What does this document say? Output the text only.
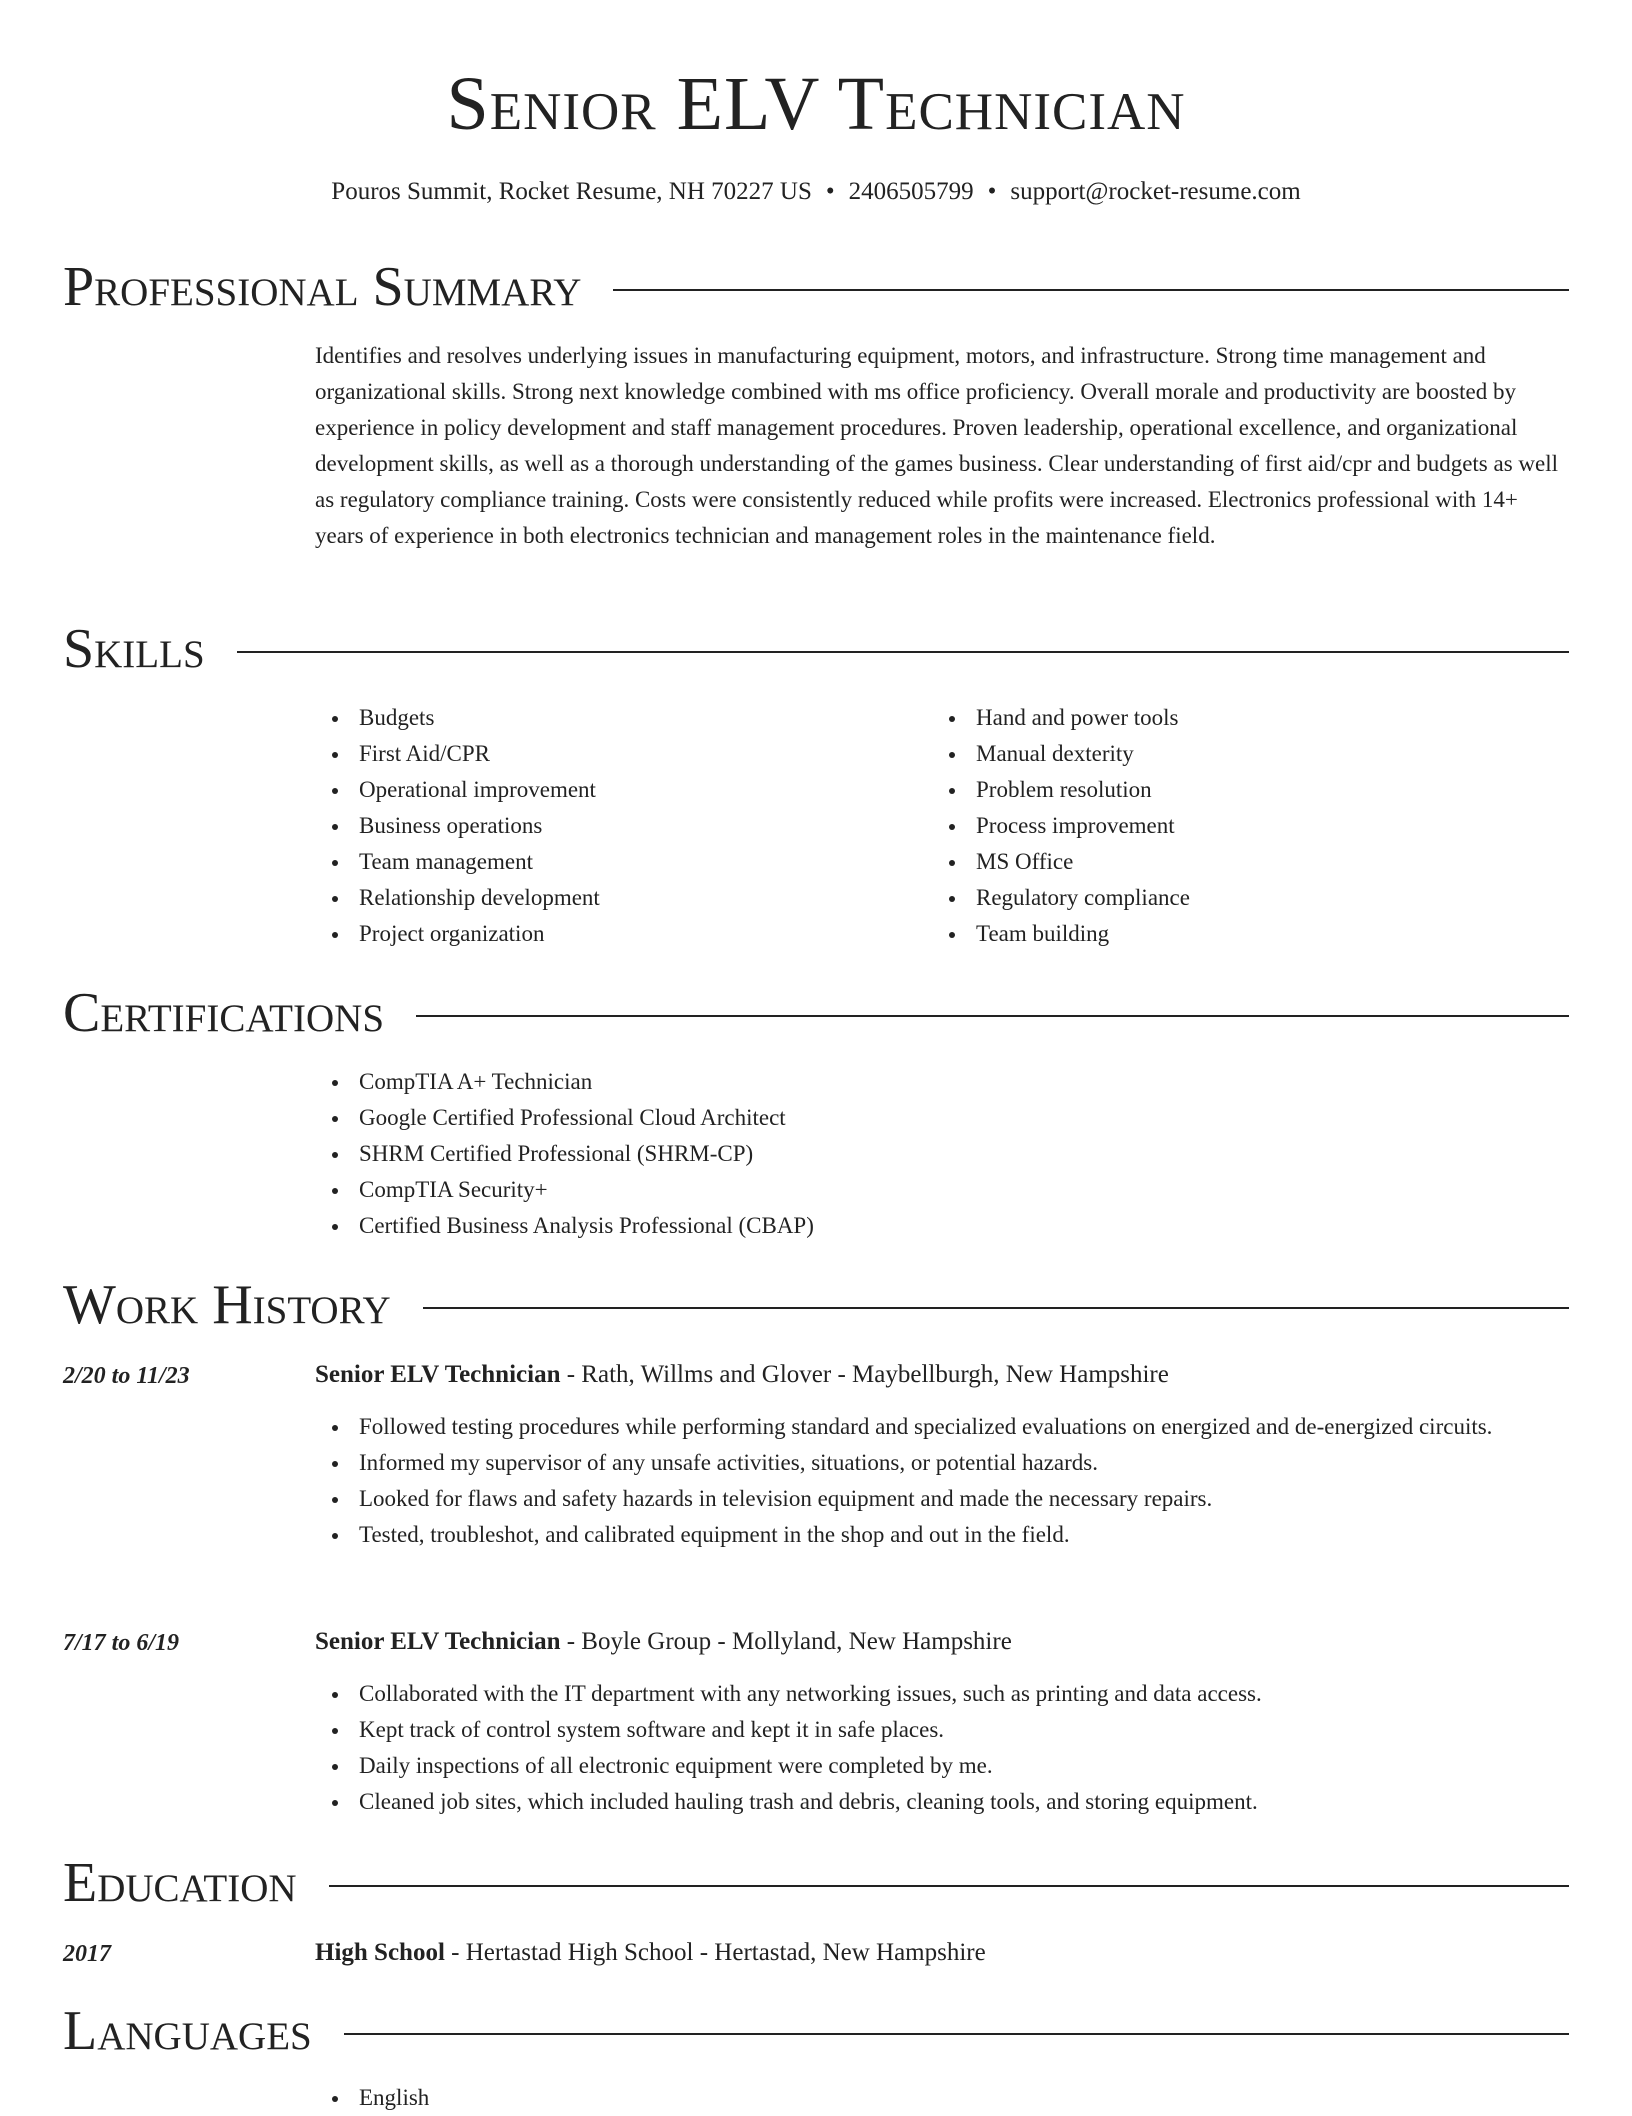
Senior ELV Technician
Pouros Summit, Rocket Resume, NH 70227 US • 2406505799 • support@rocket-resume.com
Professional Summary
Identifies and resolves underlying issues in manufacturing equipment, motors, and infrastructure. Strong time management and organizational skills. Strong next knowledge combined with ms office proficiency. Overall morale and productivity are boosted by experience in policy development and staff management procedures. Proven leadership, operational excellence, and organizational development skills, as well as a thorough understanding of the games business. Clear understanding of first aid/cpr and budgets as well as regulatory compliance training. Costs were consistently reduced while profits were increased. Electronics professional with 14+ years of experience in both electronics technician and management roles in the maintenance field.
Skills
Budgets
First Aid/CPR
Operational improvement
Business operations
Team management
Relationship development
Project organization
Hand and power tools
Manual dexterity
Problem resolution
Process improvement
MS Office
Regulatory compliance
Team building
Certifications
CompTIA A+ Technician
Google Certified Professional Cloud Architect
SHRM Certified Professional (SHRM-CP)
CompTIA Security+
Certified Business Analysis Professional (CBAP)
Work History
2/20 to 11/23	Senior ELV Technician - Rath, Willms and Glover - Maybellburgh, New Hampshire
Followed testing procedures while performing standard and specialized evaluations on energized and de-energized circuits.
Informed my supervisor of any unsafe activities, situations, or potential hazards.
Looked for flaws and safety hazards in television equipment and made the necessary repairs.
Tested, troubleshot, and calibrated equipment in the shop and out in the field.
7/17 to 6/19	Senior ELV Technician - Boyle Group - Mollyland, New Hampshire
Collaborated with the IT department with any networking issues, such as printing and data access.
Kept track of control system software and kept it in safe places.
Daily inspections of all electronic equipment were completed by me.
Cleaned job sites, which included hauling trash and debris, cleaning tools, and storing equipment.
Education
2017	High School - Hertastad High School - Hertastad, New Hampshire
Languages
English
